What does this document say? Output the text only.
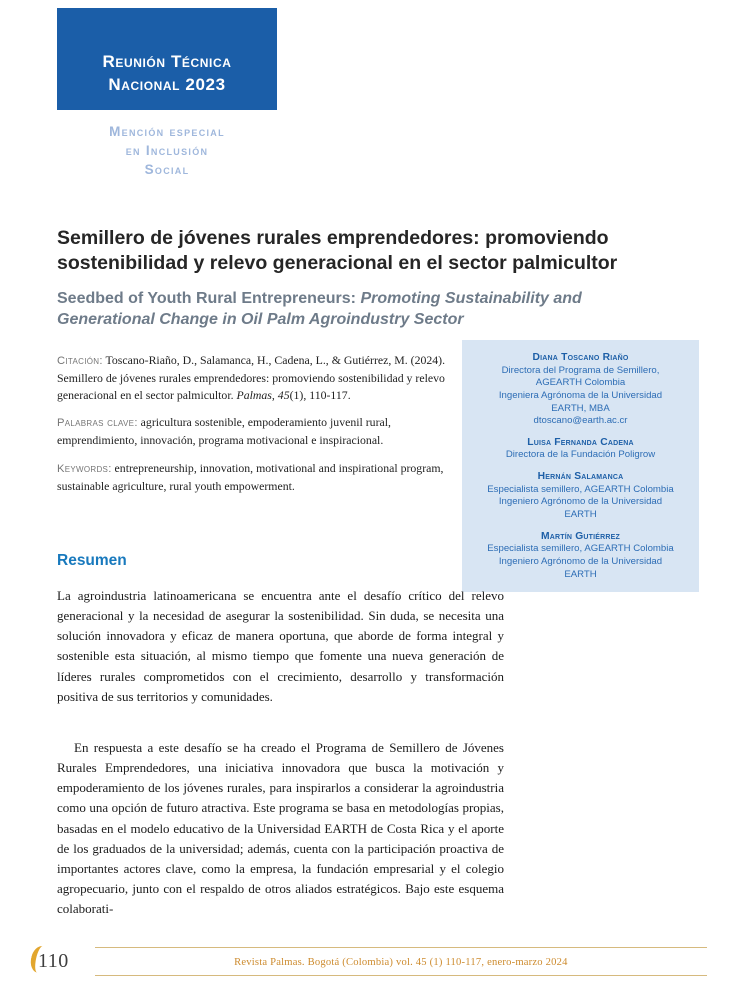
Reunión Técnica
Nacional 2023
Mención especial
en Inclusión
Social
Semillero de jóvenes rurales emprendedores: promoviendo sostenibilidad y relevo generacional en el sector palmicultor
Seedbed of Youth Rural Entrepreneurs: Promoting Sustainability and Generational Change in Oil Palm Agroindustry Sector

Citación: Toscano-Riaño, D., Salamanca, H., Cadena, L., & Gutiérrez, M. (2024). Semillero de jóvenes rurales emprendedores: promoviendo sostenibilidad y relevo generacional en el sector palmicultor. Palmas, 45(1), 110-117.

Palabras clave: agricultura sostenible, empoderamiento juvenil rural, emprendimiento, innovación, programa motivacional e inspiracional.

Keywords: entrepreneurship, innovation, motivational and inspirational program, sustainable agriculture, rural youth empowerment.

Diana Toscano Riaño
Directora del Programa de Semillero,
AGEARTH Colombia
Ingeniera Agrónoma de la Universidad
EARTH, MBA
dtoscano@earth.ac.cr
Luisa Fernanda Cadena
Directora de la Fundación Poligrow
Hernán Salamanca
Especialista semillero, AGEARTH Colombia
Ingeniero Agrónomo de la Universidad
EARTH
Martín Gutiérrez
Especialista semillero, AGEARTH Colombia
Ingeniero Agrónomo de la Universidad
EARTH
Resumen

La agroindustria latinoamericana se encuentra ante el desafío crítico del relevo generacional y la necesidad de asegurar la sostenibilidad. Sin duda, se necesita una solución innovadora y eficaz de manera oportuna, que aborde de forma integral y sostenible esta situación, al mismo tiempo que fomente una nueva generación de líderes rurales comprometidos con el crecimiento, desarrollo y transformación positiva de sus territorios y comunidades.

En respuesta a este desafío se ha creado el Programa de Semillero de Jóvenes Rurales Emprendedores, una iniciativa innovadora que busca la motivación y empoderamiento de los jóvenes rurales, para inspirarlos a considerar la agroindustria como una opción de futuro atractiva. Este programa se basa en metodologías propias, basadas en el modelo educativo de la Universidad EARTH de Costa Rica y el aporte de los graduados de la universidad; además, cuenta con la participación proactiva de importantes actores clave, como la empresa, la fundación empresarial y el colegio agropecuario, junto con el respaldo de otros aliados estratégicos. Bajo este esquema colaborati-

110	Revista Palmas. Bogotá (Colombia) vol. 45 (1) 110-117, enero-marzo 2024
